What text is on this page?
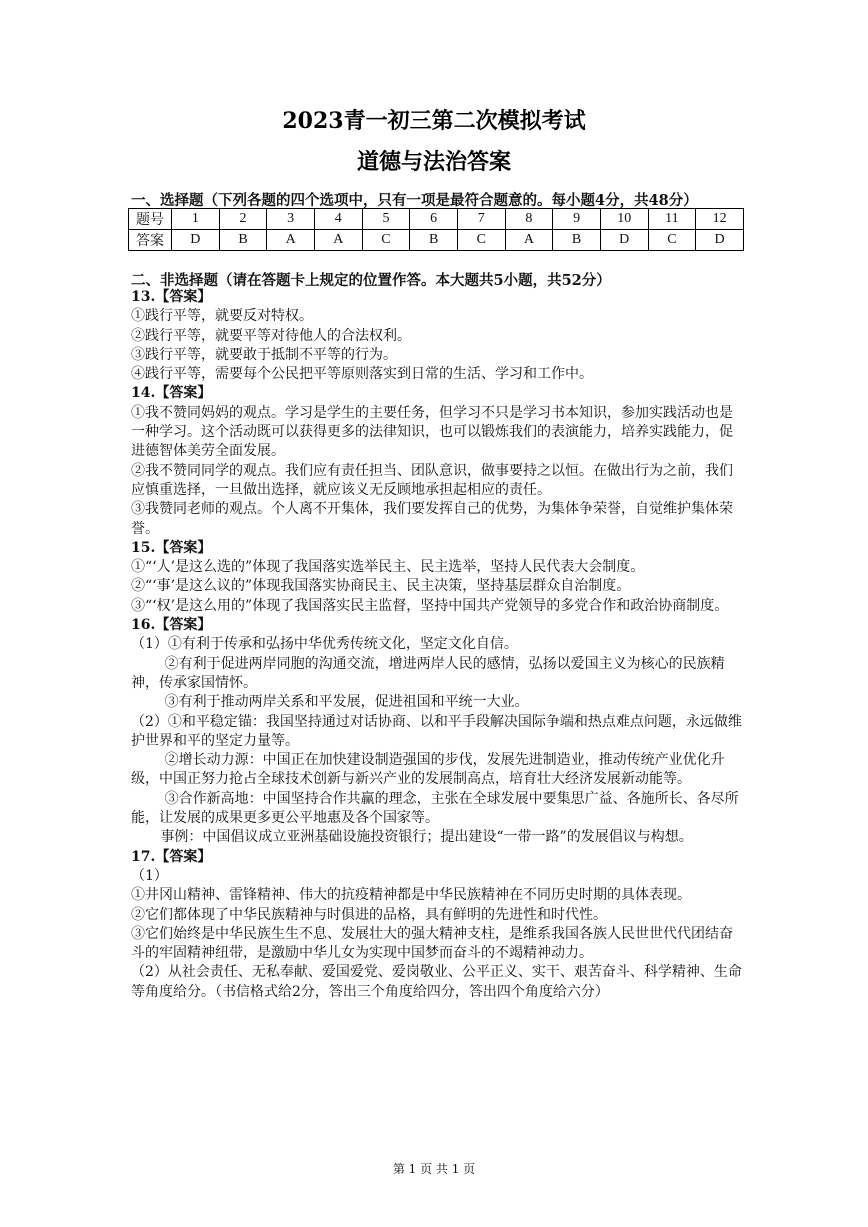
2023青一初三第二次模拟考试
道德与法治答案
一、选择题（下列各题的四个选项中，只有一项是最符合题意的。每小题4分，共48分）
题号	1	2	3	4	5	6	7	8	9	10	11	12
答案	D	B	A	A	C	B	C	A	B	D	C	D
二、非选择题（请在答题卡上规定的位置作答。本大题共5小题，共52分）

13.【答案】

①践行平等，就要反对特权。

②践行平等，就要平等对待他人的合法权利。

③践行平等，就要敢于抵制不平等的行为。

④践行平等，需要每个公民把平等原则落实到日常的生活、学习和工作中。

14.【答案】

①我不赞同妈妈的观点。学习是学生的主要任务，但学习不只是学习书本知识，参加实践活动也是一种学习。这个活动既可以获得更多的法律知识，也可以锻炼我们的表演能力，培养实践能力，促进德智体美劳全面发展。

②我不赞同同学的观点。我们应有责任担当、团队意识，做事要持之以恒。在做出行为之前，我们应慎重选择，一旦做出选择，就应该义无反顾地承担起相应的责任。

③我赞同老师的观点。个人离不开集体，我们要发挥自己的优势，为集体争荣誉，自觉维护集体荣誉。

15.【答案】

①“‘人’是这么选的”体现了我国落实选举民主、民主选举，坚持人民代表大会制度。

②“‘事’是这么议的”体现我国落实协商民主、民主决策，坚持基层群众自治制度。

③“‘权’是这么用的”体现了我国落实民主监督，坚持中国共产党领导的多党合作和政治协商制度。

16.【答案】

（1）①有利于传承和弘扬中华优秀传统文化，坚定文化自信。

②有利于促进两岸同胞的沟通交流，增进两岸人民的感情，弘扬以爱国主义为核心的民族精神，传承家国情怀。

③有利于推动两岸关系和平发展，促进祖国和平统一大业。

（2）①和平稳定锚：我国坚持通过对话协商、以和平手段解决国际争端和热点难点问题，永远做维护世界和平的坚定力量等。

②增长动力源：中国正在加快建设制造强国的步伐，发展先进制造业，推动传统产业优化升级，中国正努力抢占全球技术创新与新兴产业的发展制高点，培育壮大经济发展新动能等。

③合作新高地：中国坚持合作共赢的理念，主张在全球发展中要集思广益、各施所长、各尽所能，让发展的成果更多更公平地惠及各个国家等。

事例：中国倡议成立亚洲基础设施投资银行；提出建设“一带一路”的发展倡议与构想。

17.【答案】

（1）

①井冈山精神、雷锋精神、伟大的抗疫精神都是中华民族精神在不同历史时期的具体表现。

②它们都体现了中华民族精神与时俱进的品格，具有鲜明的先进性和时代性。

③它们始终是中华民族生生不息、发展壮大的强大精神支柱，是维系我国各族人民世世代代团结奋斗的牢固精神纽带，是激励中华儿女为实现中国梦而奋斗的不竭精神动力。

（2）从社会责任、无私奉献、爱国爱党、爱岗敬业、公平正义、实干、艰苦奋斗、科学精神、生命等角度给分。（书信格式给2分，答出三个角度给四分，答出四个角度给六分）

第 1 页 共 1 页
